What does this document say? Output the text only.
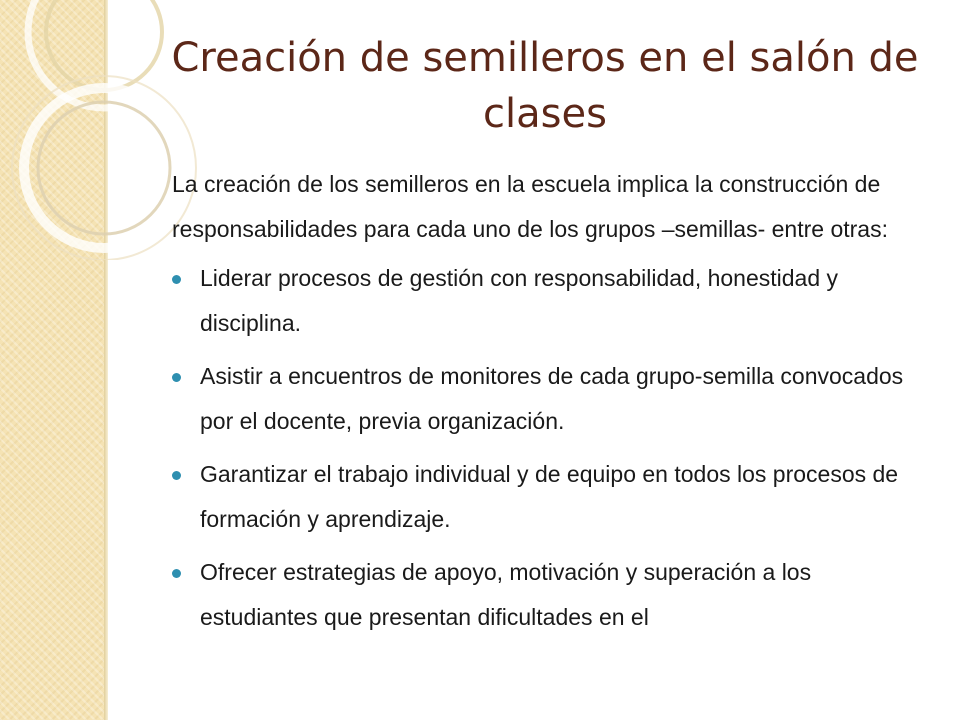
Creación de semilleros en el salón de clases

La creación de los semilleros en la escuela implica la construcción de responsabilidades para cada uno de los grupos –semillas- entre otras:

Liderar procesos de gestión con responsabilidad, honestidad y disciplina.
Asistir a encuentros de monitores de cada grupo-semilla convocados por el docente, previa organización.
Garantizar el trabajo individual y de equipo en todos los procesos de formación y aprendizaje.
Ofrecer estrategias de apoyo, motivación y superación a los estudiantes que presentan dificultades en el
